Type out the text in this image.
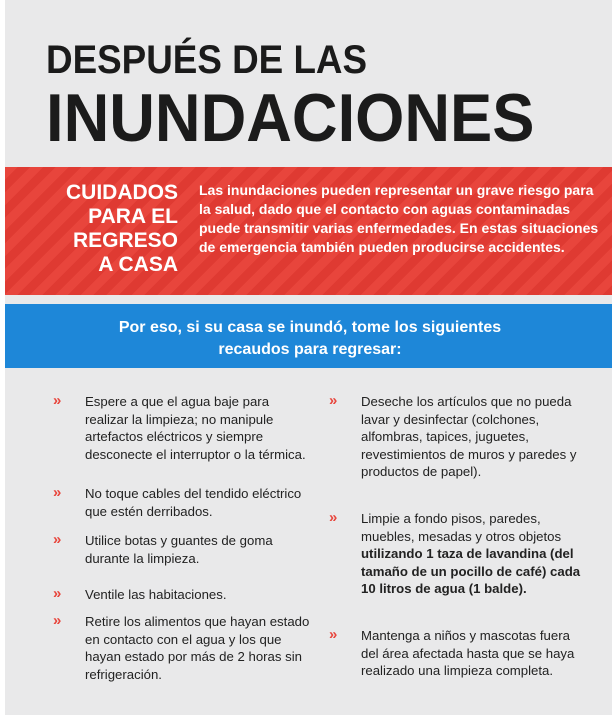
DESPUÉS DE LAS
INUNDACIONES
CUIDADOS
PARA EL
REGRESO
A CASA
Las inundaciones pueden representar un grave riesgo para la salud, dado que el contacto con aguas contaminadas puede transmitir varias enfermedades. En estas situaciones de emergencia también pueden producirse accidentes.
Por eso, si su casa se inundó, tome los siguientes
recaudos para regresar:
» Espere a que el agua baje para realizar la limpieza; no manipule artefactos eléctricos y siempre desconecte el interruptor o la térmica.
» No toque cables del tendido eléctrico que estén derribados.
» Utilice botas y guantes de goma durante la limpieza.
» Ventile las habitaciones.
» Retire los alimentos que hayan estado en contacto con el agua y los que hayan estado por más de 2 horas sin refrigeración.
» Deseche los artículos que no pueda lavar y desinfectar (colchones, alfombras, tapices, juguetes, revestimientos de muros y paredes y productos de papel).
» Limpie a fondo pisos, paredes, muebles, mesadas y otros objetos utilizando 1 taza de lavandina (del tamaño de un pocillo de café) cada 10 litros de agua (1 balde).
» Mantenga a niños y mascotas fuera del área afectada hasta que se haya realizado una limpieza completa.
